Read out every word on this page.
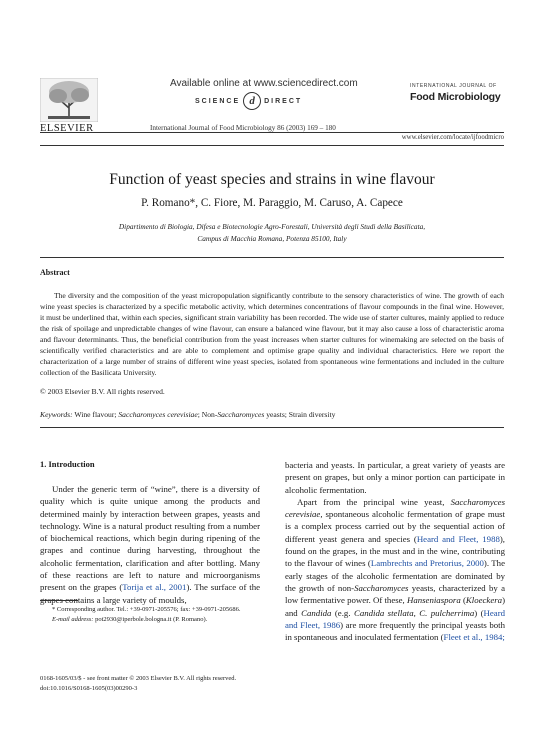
ELSEVIER
Available online at www.sciencedirect.com
SCIENCE d	DIRECT
International Journal of Food Microbiology 86 (2003) 169 – 180
INTERNATIONAL JOURNAL OF
Food Microbiology
www.elsevier.com/locate/ijfoodmicro
Function of yeast species and strains in wine flavour
P. Romano*, C. Fiore, M. Paraggio, M. Caruso, A. Capece
Dipartimento di Biologia, Difesa e Biotecnologie Agro-Forestali, Università degli Studi della Basilicata,
Campus di Macchia Romana, Potenza 85100, Italy
Abstract
The diversity and the composition of the yeast micropopulation significantly contribute to the sensory characteristics of wine. The growth of each wine yeast species is characterized by a specific metabolic activity, which determines concentrations of flavour compounds in the final wine. However, it must be underlined that, within each species, significant strain variability has been recorded. The wide use of starter cultures, mainly applied to reduce the risk of spoilage and unpredictable changes of wine flavour, can ensure a balanced wine flavour, but it may also cause a loss of characteristic aroma and flavour determinants. Thus, the beneficial contribution from the yeast increases when starter cultures for winemaking are selected on the basis of scientifically verified characteristics and are able to complement and optimise grape quality and individual characteristics. Here we report the characterization of a large number of strains of different wine yeast species, isolated from spontaneous wine fermentations and included in the culture collection of the Basilicata University.
© 2003 Elsevier B.V. All rights reserved.
Keywords: Wine flavour; Saccharomyces cerevisiae; Non-Saccharomyces yeasts; Strain diversity
1. Introduction

Under the generic term of “wine”, there is a diversity of quality which is quite unique among the products and determined mainly by interaction between grapes, yeasts and technology. Wine is a natural product resulting from a number of biochemical reactions, which begin during ripening of the grapes and continue during harvesting, throughout the alcoholic fermentation, clarification and after bottling. Many of these reactions are left to nature and microorganisms present on the grapes (Torija et al., 2001). The surface of the grapes contains a large variety of moulds,

* Corresponding author. Tel.: +39-0971-205576; fax: +39-0971-205686.
E-mail address: pot2930@iperbole.bologna.it (P. Romano).

bacteria and yeasts. In particular, a great variety of yeasts are present on grapes, but only a minor portion can participate in alcoholic fermentation.

Apart from the principal wine yeast, Saccharomyces cerevisiae, spontaneous alcoholic fermentation of grape must is a complex process carried out by the sequential action of different yeast genera and species (Heard and Fleet, 1988), found on the grapes, in the must and in the wine, contributing to the flavour of wines (Lambrechts and Pretorius, 2000). The early stages of the alcoholic fermentation are dominated by the growth of non-Saccharomyces yeasts, characterized by a low fermentative power. Of these, Hanseniaspora (Kloeckera) and Candida (e.g. Candida stellata, C. pulcherrima) (Heard and Fleet, 1986) are more frequently the principal yeasts both in spontaneous and inoculated fermentation (Fleet et al., 1984;

0168-1605/03/$ - see front matter © 2003 Elsevier B.V. All rights reserved.
doi:10.1016/S0168-1605(03)00290-3
